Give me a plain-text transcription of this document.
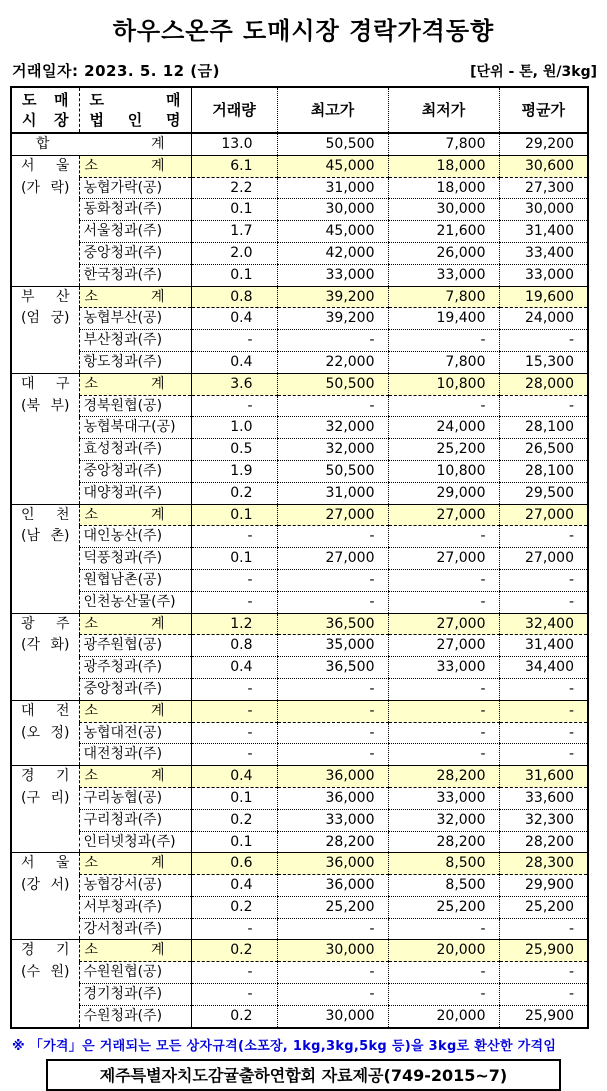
하우스온주 도매시장 경락가격동향
거래일자: 2023. 5. 12 (금)	[단위 - 톤, 원/3kg]
도 매
시 장

도 매
법 인 명
	거래량	최고가	최저가	평균가
합 계		13.0	50,500	7,800	29,200

서 울
(가 락)	소 계	6.1	45,000	18,000	30,600
	농협가락(공)	2.2	31,000	18,000	27,300
	동화청과(주)	0.1	30,000	30,000	30,000
	서울청과(주)	1.7	45,000	21,600	31,400
	중앙청과(주)	2.0	42,000	26,000	33,400
	한국청과(주)	0.1	33,000	33,000	33,000

부 산
(엄 궁)	소 계	0.8	39,200	7,800	19,600
	농협부산(공)	0.4	39,200	19,400	24,000
	부산청과(주)	-	-	-	-
	항도청과(주)	0.4	22,000	7,800	15,300

대 구
(북 부)	소 계	3.6	50,500	10,800	28,000
	경북원협(공)	-	-	-	-
	농협북대구(공)	1.0	32,000	24,000	28,100
	효성청과(주)	0.5	32,000	25,200	26,500
	중앙청과(주)	1.9	50,500	10,800	28,100
	대양청과(주)	0.2	31,000	29,000	29,500

인 천
(남 촌)	소 계	0.1	27,000	27,000	27,000
	대인농산(주)	-	-	-	-
	덕풍청과(주)	0.1	27,000	27,000	27,000
	원협남촌(공)	-	-	-	-
	인천농산물(주)	-	-	-	-

광 주
(각 화)	소 계	1.2	36,500	27,000	32,400
	광주원협(공)	0.8	35,000	27,000	31,400
	광주청과(주)	0.4	36,500	33,000	34,400
	중앙청과(주)	-	-	-	-

대 전
(오 정)	소 계	-	-	-	-
	농협대전(공)	-	-	-	-
	대전청과(주)	-	-	-	-

경 기
(구 리)	소 계	0.4	36,000	28,200	31,600
	구리농협(공)	0.1	36,000	33,000	33,600
	구리청과(주)	0.2	33,000	32,000	32,300
	인터넷청과(주)	0.1	28,200	28,200	28,200

서 울
(강 서)	소 계	0.6	36,000	8,500	28,300
	농협강서(공)	0.4	36,000	8,500	29,900
	서부청과(주)	0.2	25,200	25,200	25,200
	강서청과(주)	-	-	-	-

경 기
(수 원)	소 계	0.2	30,000	20,000	25,900
	수원원협(공)	-	-	-	-
	경기청과(주)	-	-	-	-
	수원청과(주)	0.2	30,000	20,000	25,900
※ 「가격」은 거래되는 모든 상자규격(소포장, 1kg,3kg,5kg 등)을 3kg로 환산한 가격임
제주특별자치도감귤출하연합회 자료제공(749-2015~7)
